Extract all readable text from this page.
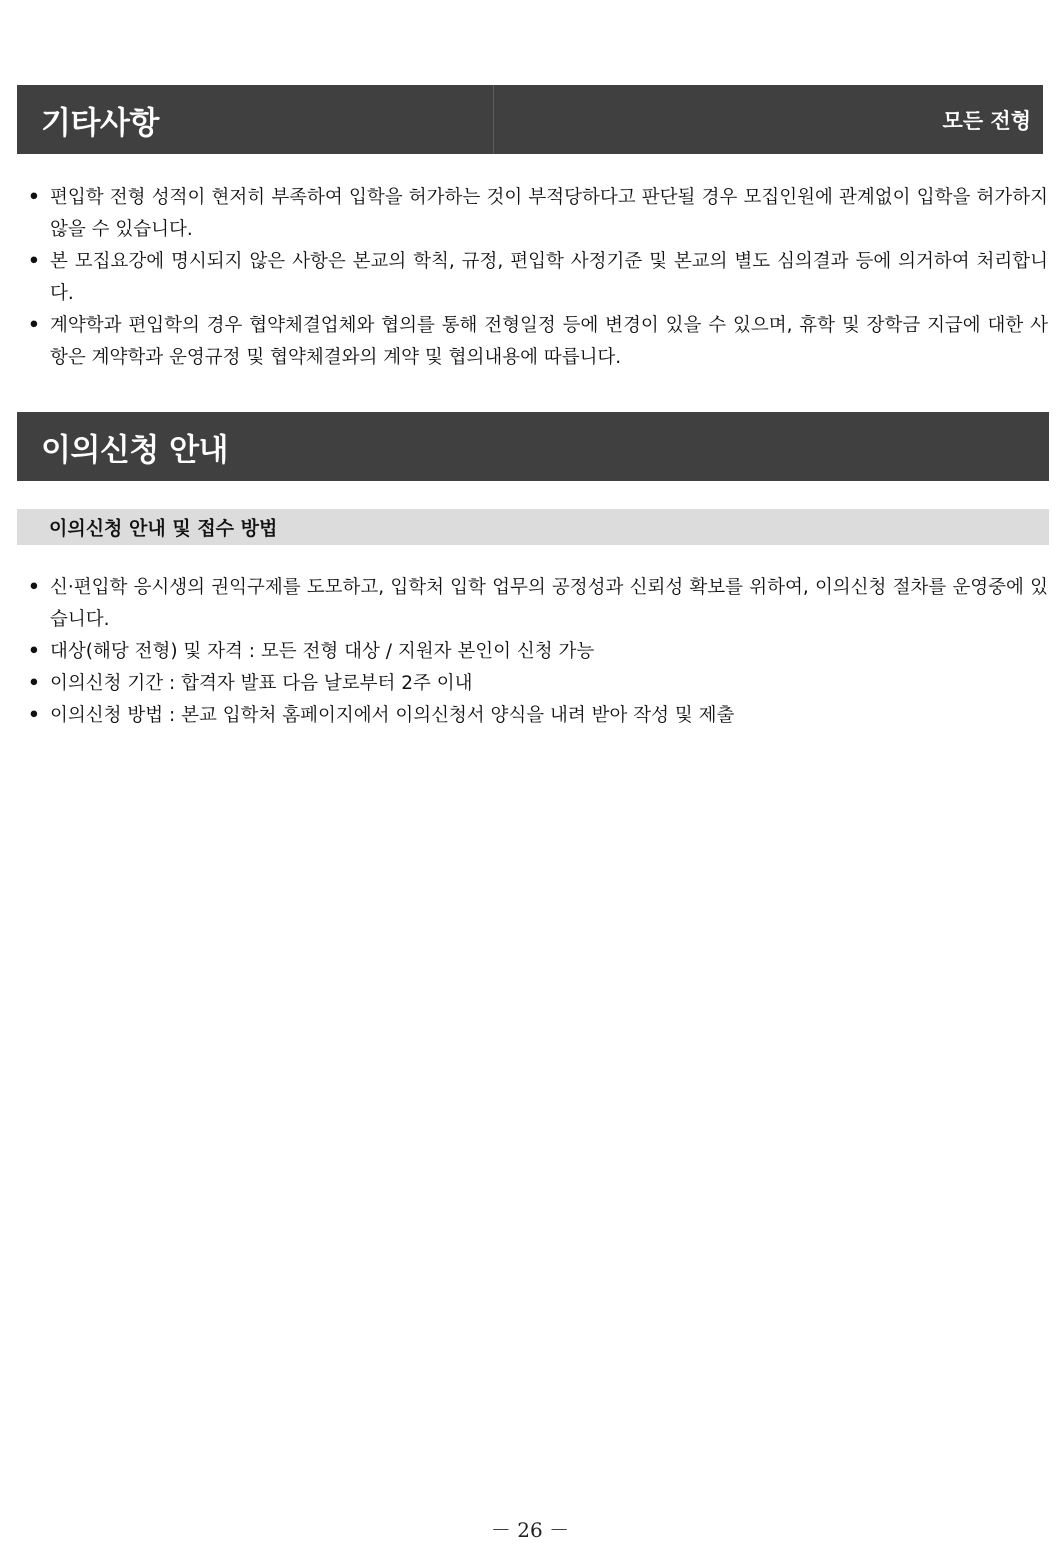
기타사항	모든 전형
• 편입학 전형 성적이 현저히 부족하여 입학을 허가하는 것이 부적당하다고 판단될 경우 모집인원에 관계없이 입학을 허가하지 않을 수 있습니다.
• 본 모집요강에 명시되지 않은 사항은 본교의 학칙, 규정, 편입학 사정기준 및 본교의 별도 심의결과 등에 의거하여 처리합니다.
• 계약학과 편입학의 경우 협약체결업체와 협의를 통해 전형일정 등에 변경이 있을 수 있으며, 휴학 및 장학금 지급에 대한 사항은 계약학과 운영규정 및 협약체결와의 계약 및 협의내용에 따릅니다.
이의신청 안내
이의신청 안내 및 접수 방법
• 신·편입학 응시생의 권익구제를 도모하고, 입학처 입학 업무의 공정성과 신뢰성 확보를 위하여, 이의신청 절차를 운영중에 있습니다.
• 대상(해당 전형) 및 자격 : 모든 전형 대상 / 지원자 본인이 신청 가능
• 이의신청 기간 : 합격자 발표 다음 날로부터 2주 이내
• 이의신청 방법 : 본교 입학처 홈페이지에서 이의신청서 양식을 내려 받아 작성 및 제출
－ 26 －
